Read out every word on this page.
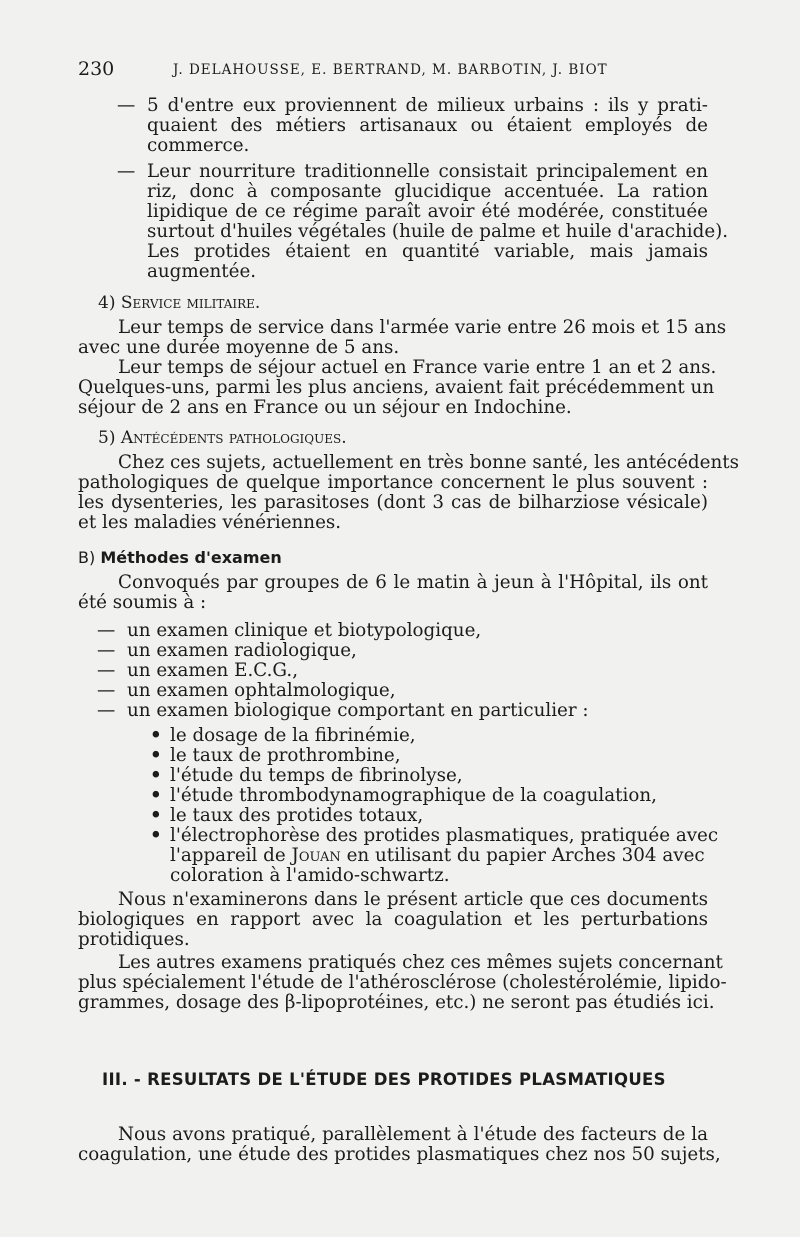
230	J. DELAHOUSSE, E. BERTRAND, M. BARBOTIN, J. BIOT
— 5 d'entre eux proviennent de milieux urbains : ils y prati-
quaient des métiers artisanaux ou étaient employés de
commerce.
— Leur nourriture traditionnelle consistait principalement en
riz, donc à composante glucidique accentuée. La ration
lipidique de ce régime paraît avoir été modérée, constituée
surtout d'huiles végétales (huile de palme et huile d'arachide).
Les protides étaient en quantité variable, mais jamais
augmentée.
4) Service militaire.
Leur temps de service dans l'armée varie entre 26 mois et 15 ans
avec une durée moyenne de 5 ans.
Leur temps de séjour actuel en France varie entre 1 an et 2 ans.
Quelques-uns, parmi les plus anciens, avaient fait précédemment un
séjour de 2 ans en France ou un séjour en Indochine.
5) Antécédents pathologiques.
Chez ces sujets, actuellement en très bonne santé, les antécédents
pathologiques de quelque importance concernent le plus souvent :
les dysenteries, les parasitoses (dont 3 cas de bilharziose vésicale)
et les maladies vénériennes.
B) Méthodes d'examen
Convoqués par groupes de 6 le matin à jeun à l'Hôpital, ils ont
été soumis à :
— un examen clinique et biotypologique,
— un examen radiologique,
— un examen E.C.G.,
— un examen ophtalmologique,
— un examen biologique comportant en particulier :
• le dosage de la fibrinémie,
• le taux de prothrombine,
• l'étude du temps de fibrinolyse,
• l'étude thrombodynamographique de la coagulation,
• le taux des protides totaux,
• l'électrophorèse des protides plasmatiques, pratiquée avec
l'appareil de Jouan en utilisant du papier Arches 304 avec
coloration à l'amido-schwartz.
Nous n'examinerons dans le présent article que ces documents
biologiques en rapport avec la coagulation et les perturbations
protidiques.
Les autres examens pratiqués chez ces mêmes sujets concernant
plus spécialement l'étude de l'athérosclérose (cholestérolémie, lipido-
grammes, dosage des β-lipoprotéines, etc.) ne seront pas étudiés ici.
III. - RESULTATS DE L'ÉTUDE DES PROTIDES PLASMATIQUES
Nous avons pratiqué, parallèlement à l'étude des facteurs de la
coagulation, une étude des protides plasmatiques chez nos 50 sujets,
